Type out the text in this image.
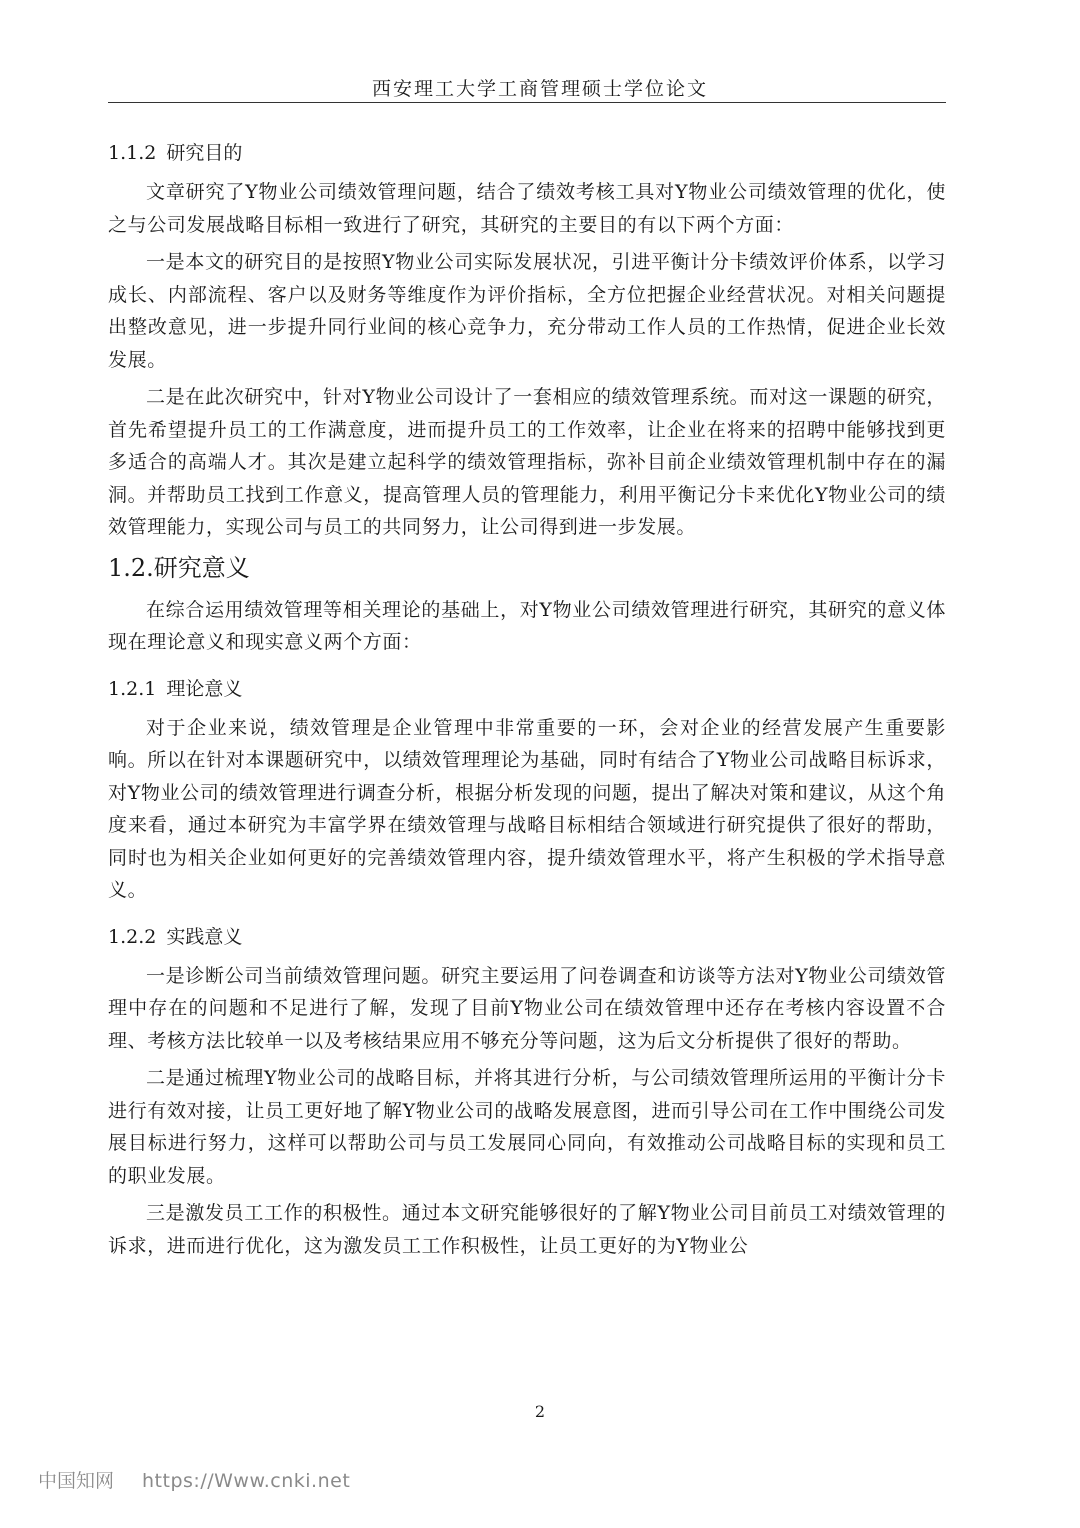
西安理工大学工商管理硕士学位论文
1.1.2 研究目的

文章研究了Y物业公司绩效管理问题，结合了绩效考核工具对Y物业公司绩效管理的优化，使之与公司发展战略目标相一致进行了研究，其研究的主要目的有以下两个方面：

一是本文的研究目的是按照Y物业公司实际发展状况，引进平衡计分卡绩效评价体系，以学习成长、内部流程、客户以及财务等维度作为评价指标，全方位把握企业经营状况。对相关问题提出整改意见，进一步提升同行业间的核心竞争力，充分带动工作人员的工作热情，促进企业长效发展。

二是在此次研究中，针对Y物业公司设计了一套相应的绩效管理系统。而对这一课题的研究，首先希望提升员工的工作满意度，进而提升员工的工作效率，让企业在将来的招聘中能够找到更多适合的高端人才。其次是建立起科学的绩效管理指标，弥补目前企业绩效管理机制中存在的漏洞。并帮助员工找到工作意义，提高管理人员的管理能力，利用平衡记分卡来优化Y物业公司的绩效管理能力，实现公司与员工的共同努力，让公司得到进一步发展。

1.2.研究意义

在综合运用绩效管理等相关理论的基础上，对Y物业公司绩效管理进行研究，其研究的意义体现在理论意义和现实意义两个方面：

1.2.1 理论意义

对于企业来说，绩效管理是企业管理中非常重要的一环，会对企业的经营发展产生重要影响。所以在针对本课题研究中，以绩效管理理论为基础，同时有结合了Y物业公司战略目标诉求，对Y物业公司的绩效管理进行调查分析，根据分析发现的问题，提出了解决对策和建议，从这个角度来看，通过本研究为丰富学界在绩效管理与战略目标相结合领域进行研究提供了很好的帮助，同时也为相关企业如何更好的完善绩效管理内容，提升绩效管理水平，将产生积极的学术指导意义。

1.2.2 实践意义

一是诊断公司当前绩效管理问题。研究主要运用了问卷调查和访谈等方法对Y物业公司绩效管理中存在的问题和不足进行了解，发现了目前Y物业公司在绩效管理中还存在考核内容设置不合理、考核方法比较单一以及考核结果应用不够充分等问题，这为后文分析提供了很好的帮助。

二是通过梳理Y物业公司的战略目标，并将其进行分析，与公司绩效管理所运用的平衡计分卡进行有效对接，让员工更好地了解Y物业公司的战略发展意图，进而引导公司在工作中围绕公司发展目标进行努力，这样可以帮助公司与员工发展同心同向，有效推动公司战略目标的实现和员工的职业发展。

三是激发员工工作的积极性。通过本文研究能够很好的了解Y物业公司目前员工对绩效管理的诉求，进而进行优化，这为激发员工工作积极性，让员工更好的为Y物业公

2
中国知网 https://Www.cnki.net
